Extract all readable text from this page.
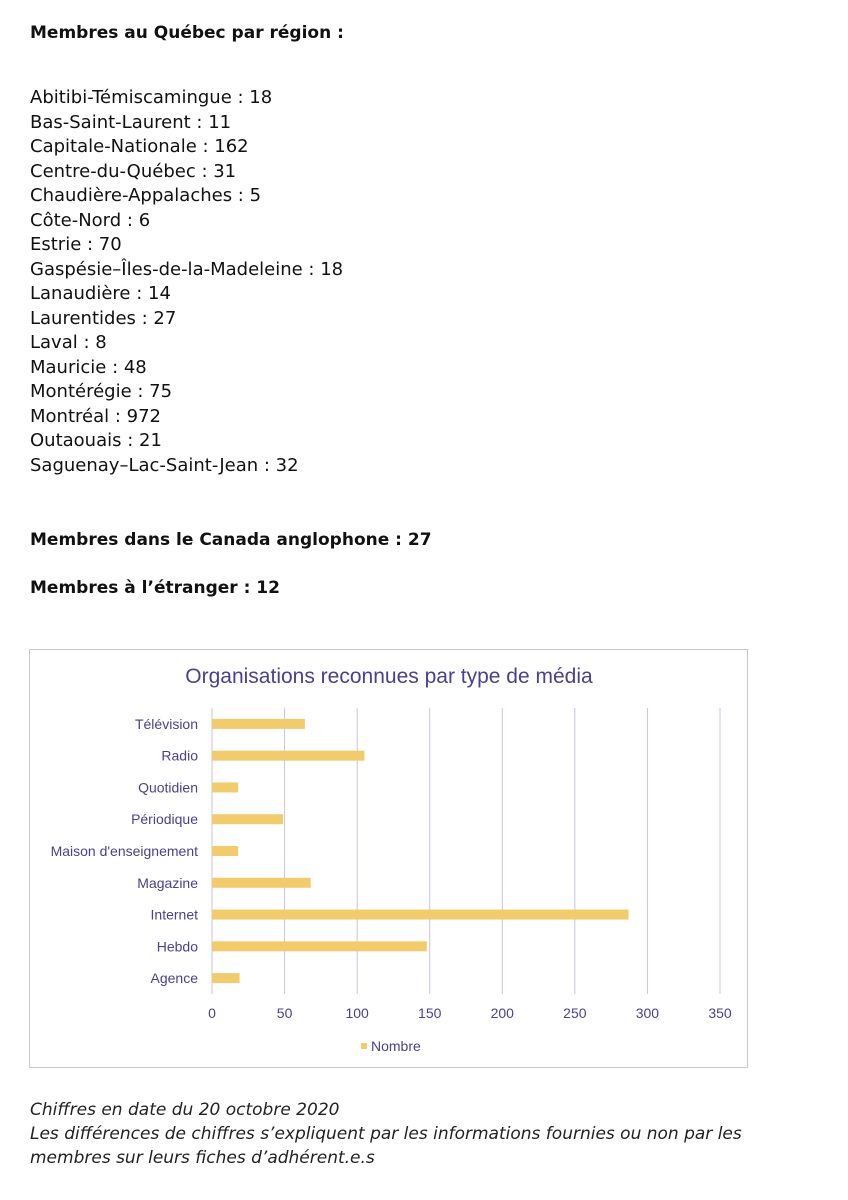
Membres au Québec par région :

Abitibi-Témiscamingue : 18
Bas-Saint-Laurent : 11
Capitale-Nationale : 162
Centre-du-Québec : 31
Chaudière-Appalaches : 5
Côte-Nord : 6
Estrie : 70
Gaspésie–Îles-de-la-Madeleine : 18
Lanaudière : 14
Laurentides : 27
Laval : 8
Mauricie : 48
Montérégie : 75
Montréal : 972
Outaouais : 21
Saguenay–Lac-Saint-Jean : 32

Membres dans le Canada anglophone : 27

Membres à l’étranger : 12

Organisations reconnues par type de média
0	50	100	150	200	250	300	350
Télévision
Radio
Quotidien
Périodique
Maison d'enseignement
Magazine
Internet
Hebdo
Agence
Nombre

Chiffres en date du 20 octobre 2020
Les différences de chiffres s’expliquent par les informations fournies ou non par les
membres sur leurs fiches d’adhérent.e.s
